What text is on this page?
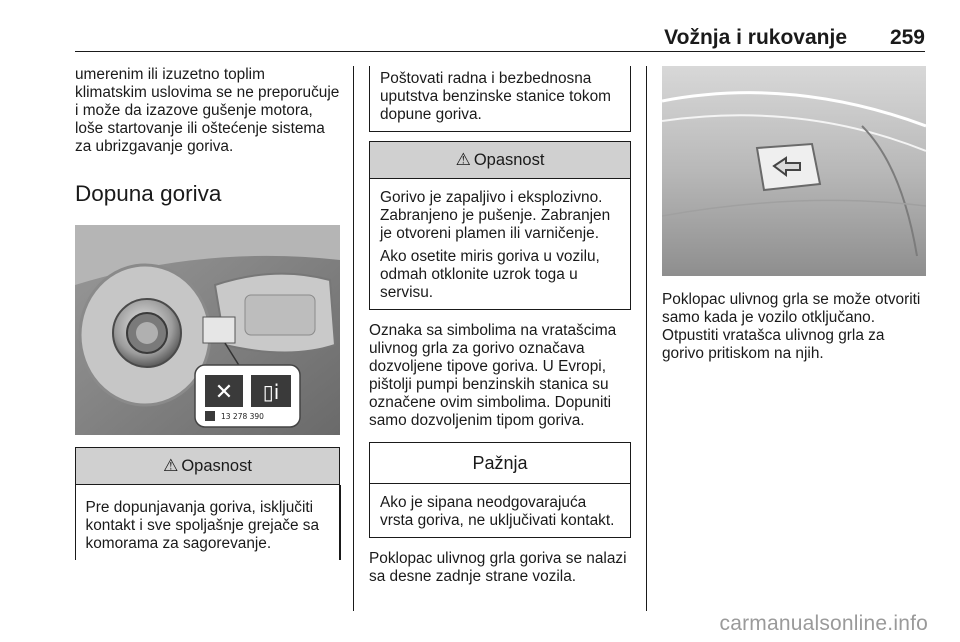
Vožnja i rukovanje 259

umerenim ili izuzetno toplim klimatskim uslovima se ne preporučuje i može da izazove gušenje motora, loše startovanje ili oštećenje sistema za ubrizgavanje goriva.

Dopuna goriva
✕ ▯i
13 278 390
⚠ Opasnost

Pre dopunjavanja goriva, isključiti kontakt i sve spoljašnje grejače sa komorama za sagorevanje.

Poštovati radna i bezbednosna uputstva benzinske stanice tokom dopune goriva.

⚠ Opasnost

Gorivo je zapaljivo i eksplozivno. Zabranjeno je pušenje. Zabranjen je otvoreni plamen ili varničenje.

Ako osetite miris goriva u vozilu, odmah otklonite uzrok toga u servisu.

Oznaka sa simbolima na vratašcima ulivnog grla za gorivo označava dozvoljene tipove goriva. U Evropi, pištolji pumpi benzinskih stanica su označene ovim simbolima. Dopuniti samo dozvoljenim tipom goriva.

Pažnja

Ako je sipana neodgovarajuća vrsta goriva, ne uključivati kontakt.

Poklopac ulivnog grla goriva se nalazi sa desne zadnje strane vozila.

Poklopac ulivnog grla se može otvoriti samo kada je vozilo otključano. Otpustiti vratašca ulivnog grla za gorivo pritiskom na njih.

carmanualsonline.info
